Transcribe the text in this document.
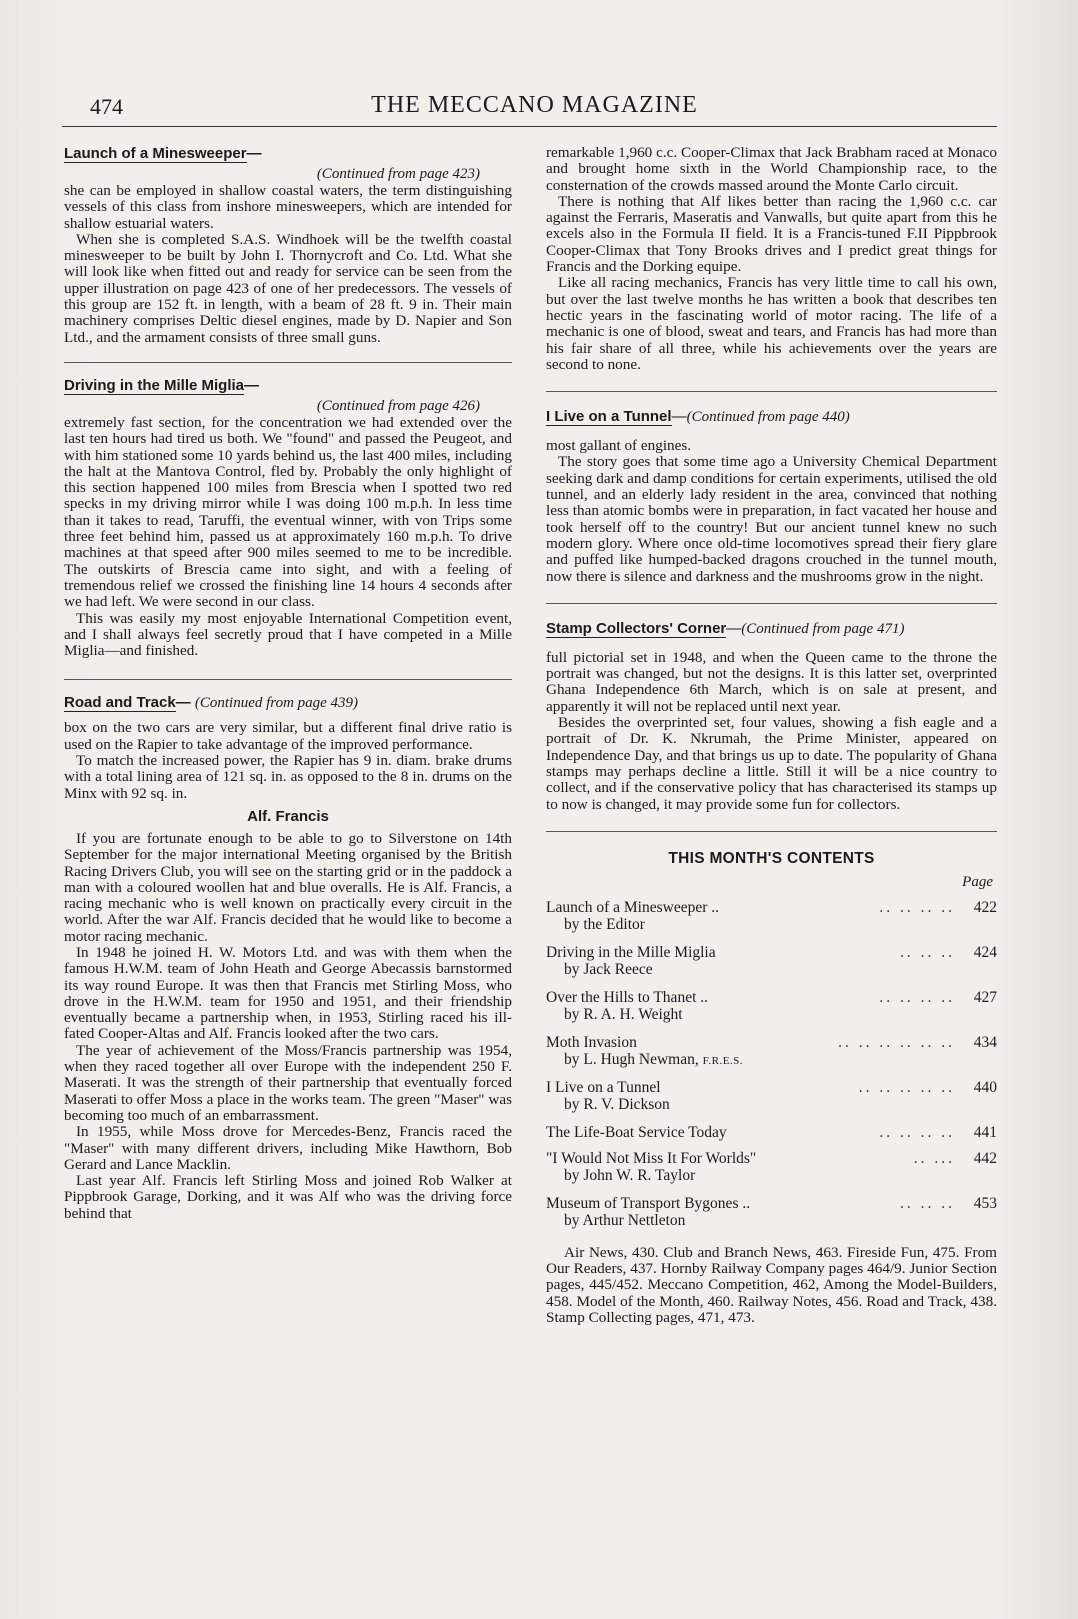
474	THE MECCANO MAGAZINE
Launch of a Minesweeper—
(Continued from page 423)

she can be employed in shallow coastal waters, the term distinguishing vessels of this class from inshore minesweepers, which are intended for shallow estuarial waters.

When she is completed S.A.S. Windhoek will be the twelfth coastal minesweeper to be built by John I. Thornycroft and Co. Ltd. What she will look like when fitted out and ready for service can be seen from the upper illustration on page 423 of one of her predecessors. The vessels of this group are 152 ft. in length, with a beam of 28 ft. 9 in. Their main machinery comprises Deltic diesel engines, made by D. Napier and Son Ltd., and the armament consists of three small guns.

Driving in the Mille Miglia—
(Continued from page 426)

extremely fast section, for the concentration we had extended over the last ten hours had tired us both. We "found" and passed the Peugeot, and with him stationed some 10 yards behind us, the last 400 miles, including the halt at the Mantova Control, fled by. Probably the only highlight of this section happened 100 miles from Brescia when I spotted two red specks in my driving mirror while I was doing 100 m.p.h. In less time than it takes to read, Taruffi, the eventual winner, with von Trips some three feet behind him, passed us at approximately 160 m.p.h. To drive machines at that speed after 900 miles seemed to me to be incredible. The outskirts of Brescia came into sight, and with a feeling of tremendous relief we crossed the finishing line 14 hours 4 seconds after we had left. We were second in our class.

This was easily my most enjoyable International Competition event, and I shall always feel secretly proud that I have competed in a Mille Miglia—and finished.

Road and Track— (Continued from page 439)

box on the two cars are very similar, but a different final drive ratio is used on the Rapier to take advantage of the improved performance.

To match the increased power, the Rapier has 9 in. diam. brake drums with a total lining area of 121 sq. in. as opposed to the 8 in. drums on the Minx with 92 sq. in.

Alf. Francis

If you are fortunate enough to be able to go to Silverstone on 14th September for the major international Meeting organised by the British Racing Drivers Club, you will see on the starting grid or in the paddock a man with a coloured woollen hat and blue overalls. He is Alf. Francis, a racing mechanic who is well known on practically every circuit in the world. After the war Alf. Francis decided that he would like to become a motor racing mechanic.

In 1948 he joined H. W. Motors Ltd. and was with them when the famous H.W.M. team of John Heath and George Abecassis barnstormed its way round Europe. It was then that Francis met Stirling Moss, who drove in the H.W.M. team for 1950 and 1951, and their friendship eventually became a partnership when, in 1953, Stirling raced his ill-fated Cooper-Altas and Alf. Francis looked after the two cars.

The year of achievement of the Moss/Francis partnership was 1954, when they raced together all over Europe with the independent 250 F. Maserati. It was the strength of their partnership that eventually forced Maserati to offer Moss a place in the works team. The green "Maser" was becoming too much of an embarrassment.

In 1955, while Moss drove for Mercedes-Benz, Francis raced the "Maser" with many different drivers, including Mike Hawthorn, Bob Gerard and Lance Macklin.

Last year Alf. Francis left Stirling Moss and joined Rob Walker at Pippbrook Garage, Dorking, and it was Alf who was the driving force behind that

remarkable 1,960 c.c. Cooper-Climax that Jack Brabham raced at Monaco and brought home sixth in the World Championship race, to the consternation of the crowds massed around the Monte Carlo circuit.

There is nothing that Alf likes better than racing the 1,960 c.c. car against the Ferraris, Maseratis and Vanwalls, but quite apart from this he excels also in the Formula II field. It is a Francis-tuned F.II Pippbrook Cooper-Climax that Tony Brooks drives and I predict great things for Francis and the Dorking equipe.

Like all racing mechanics, Francis has very little time to call his own, but over the last twelve months he has written a book that describes ten hectic years in the fascinating world of motor racing. The life of a mechanic is one of blood, sweat and tears, and Francis has had more than his fair share of all three, while his achievements over the years are second to none.

I Live on a Tunnel—(Continued from page 440)

most gallant of engines.

The story goes that some time ago a University Chemical Department seeking dark and damp conditions for certain experiments, utilised the old tunnel, and an elderly lady resident in the area, convinced that nothing less than atomic bombs were in preparation, in fact vacated her house and took herself off to the country! But our ancient tunnel knew no such modern glory. Where once old-time locomotives spread their fiery glare and puffed like humped-backed dragons crouched in the tunnel mouth, now there is silence and darkness and the mushrooms grow in the night.

Stamp Collectors' Corner—(Continued from page 471)

full pictorial set in 1948, and when the Queen came to the throne the portrait was changed, but not the designs. It is this latter set, overprinted Ghana Independence 6th March, which is on sale at present, and apparently it will not be replaced until next year.

Besides the overprinted set, four values, showing a fish eagle and a portrait of Dr. K. Nkrumah, the Prime Minister, appeared on Independence Day, and that brings us up to date. The popularity of Ghana stamps may perhaps decline a little. Still it will be a nice country to collect, and if the conservative policy that has characterised its stamps up to now is changed, it may provide some fun for collectors.

THIS MONTH'S CONTENTS
Page
Launch of a Minesweeper ..	.. .. .. ..	422
by the Editor
Driving in the Mille Miglia	.. .. ..	424
by Jack Reece
Over the Hills to Thanet ..	.. .. .. ..	427
by R. A. H. Weight
Moth Invasion	.. .. .. .. .. ..	434
by L. Hugh Newman, F.R.E.S.
I Live on a Tunnel	.. .. .. .. ..	440
by R. V. Dickson
The Life-Boat Service Today	.. .. .. ..	441
"I Would Not Miss It For Worlds"	.. ...	442
by John W. R. Taylor
Museum of Transport Bygones ..	.. .. ..	453
by Arthur Nettleton

Air News, 430. Club and Branch News, 463. Fireside Fun, 475. From Our Readers, 437. Hornby Railway Company pages 464/9. Junior Section pages, 445/452. Meccano Competition, 462, Among the Model-Builders, 458. Model of the Month, 460. Railway Notes, 456. Road and Track, 438. Stamp Collecting pages, 471, 473.
